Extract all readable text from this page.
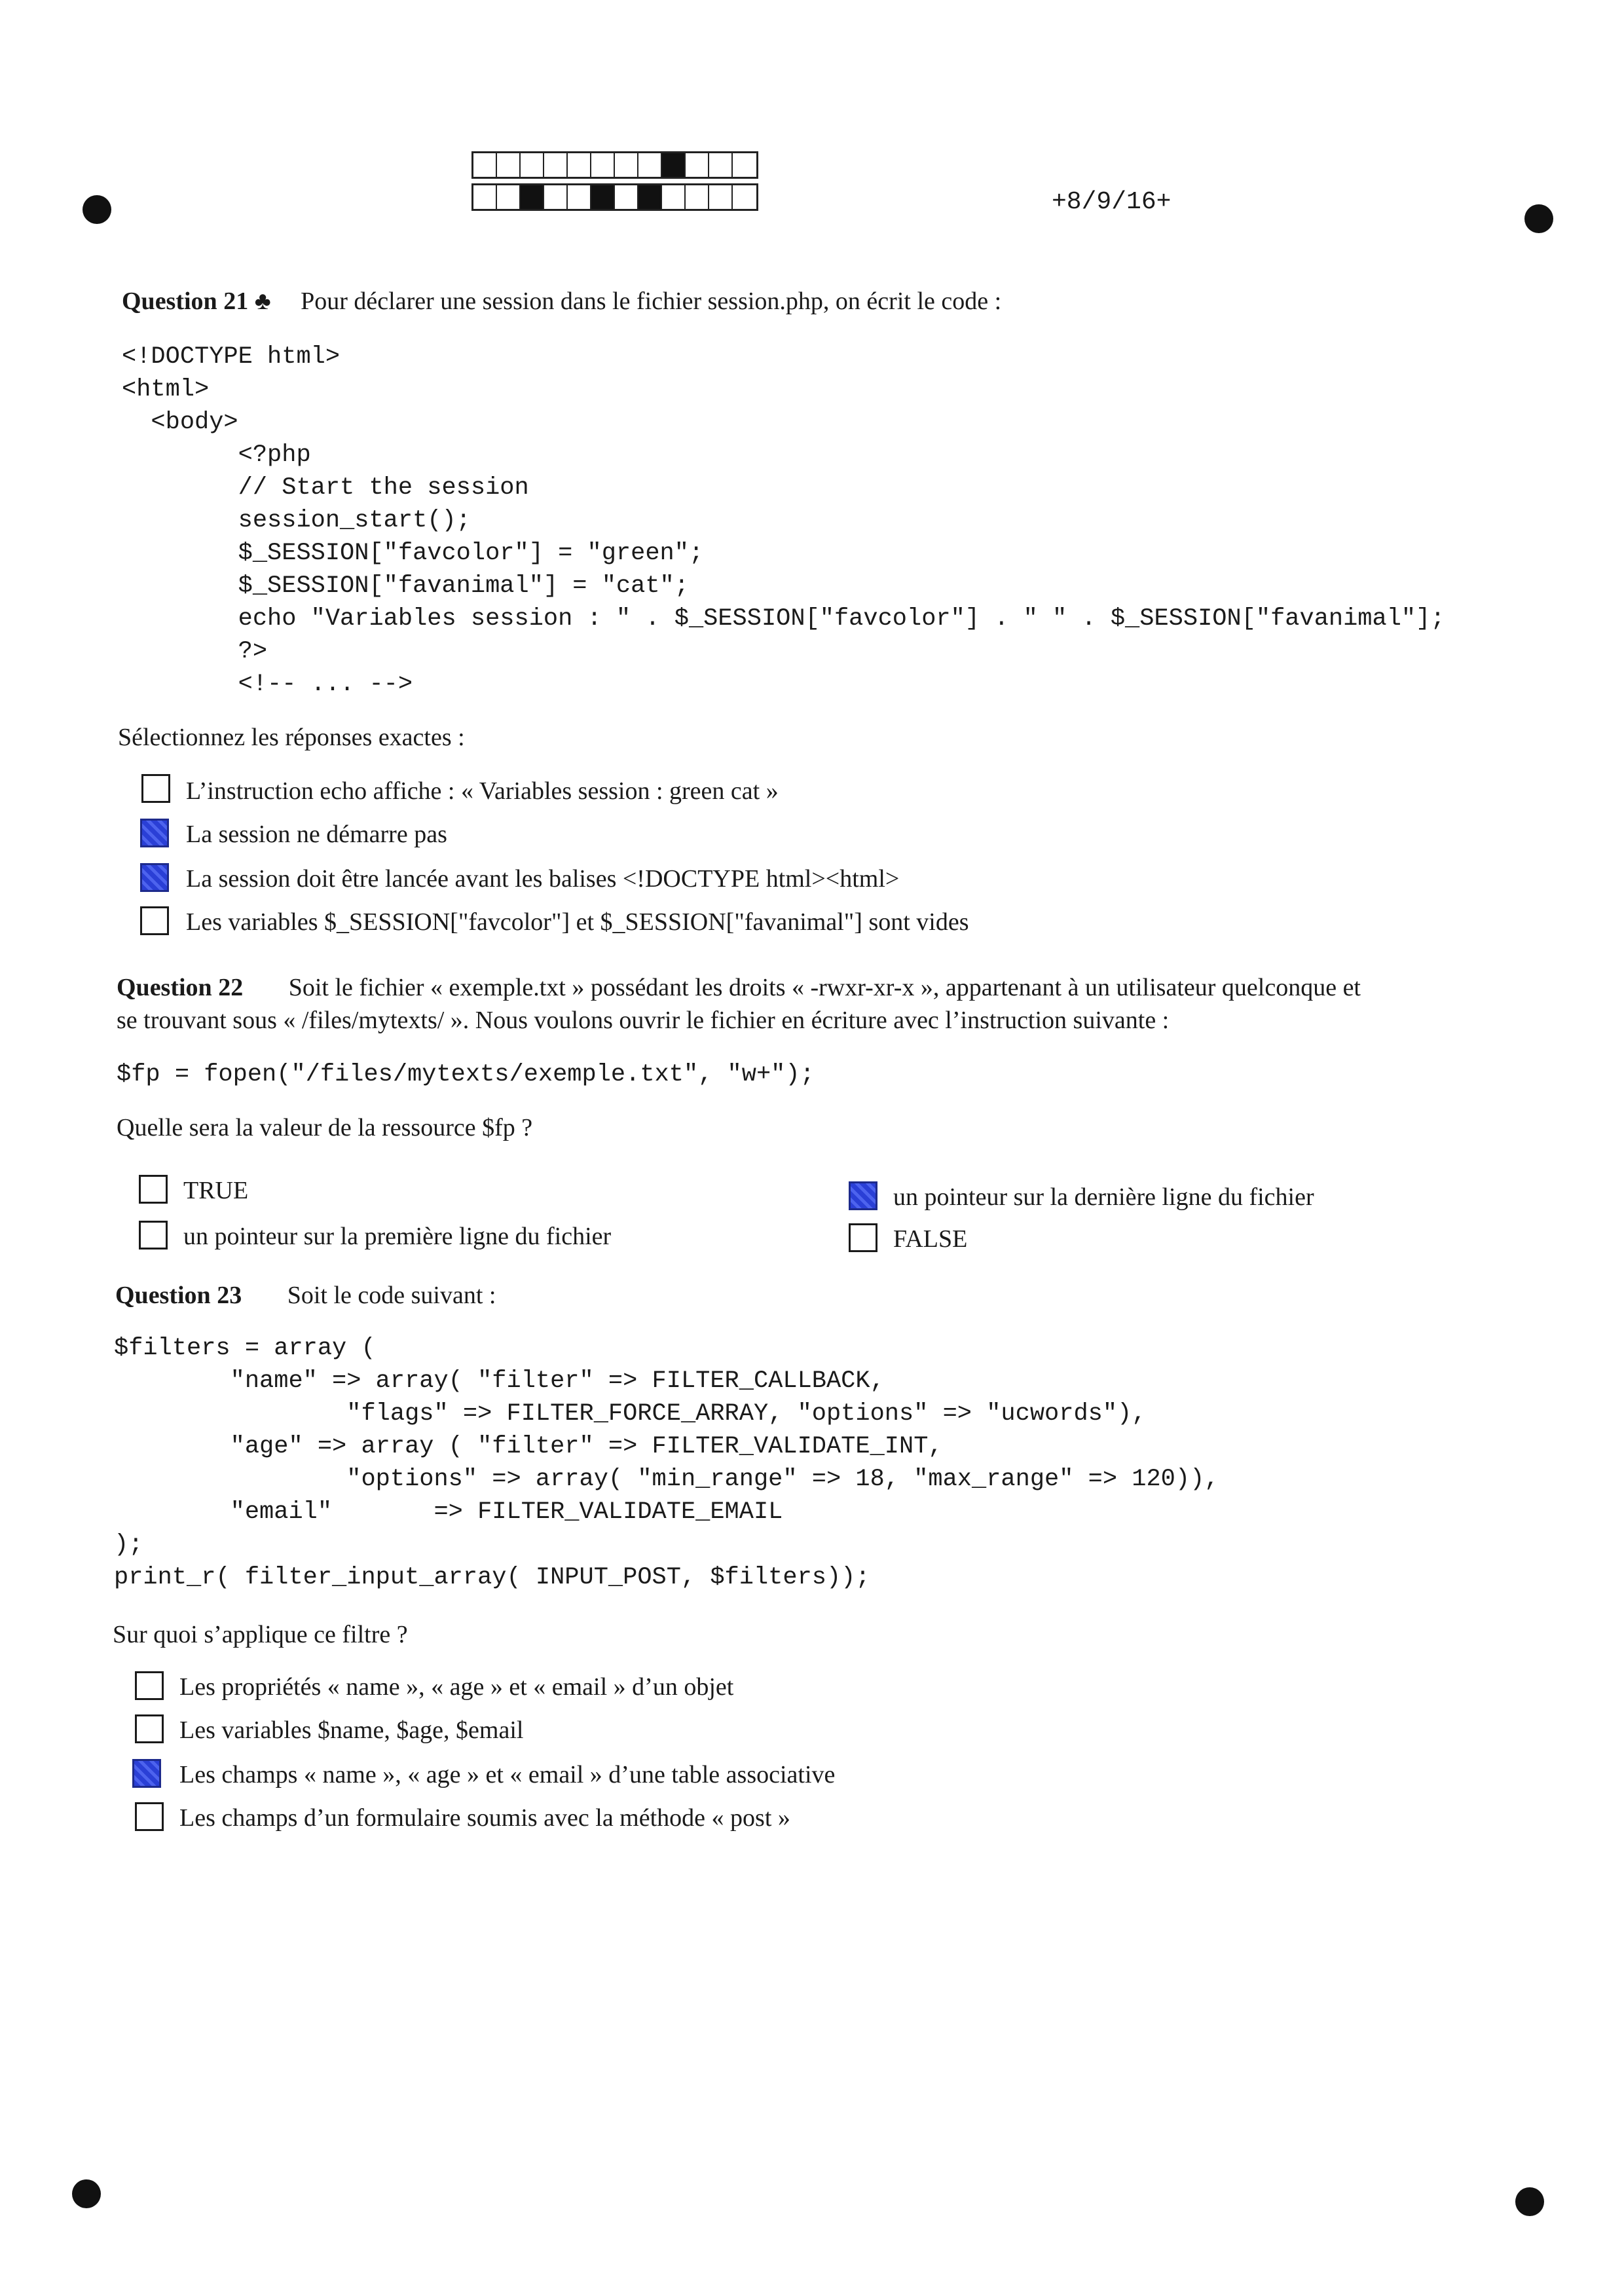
+8/9/16+
Question 21 ♣ Pour déclarer une session dans le fichier session.php, on écrit le code :
<!DOCTYPE html>
<html>
<body>
<?php
// Start the session
session_start();
$_SESSION["favcolor"] = "green";
$_SESSION["favanimal"] = "cat";
echo "Variables session : " . $_SESSION["favcolor"] . " " . $_SESSION["favanimal"];
?>
<!-- ... -->
Sélectionnez les réponses exactes :
L’instruction echo affiche : « Variables session : green cat »
La session ne démarre pas
La session doit être lancée avant les balises <!DOCTYPE html><html>
Les variables $_SESSION["favcolor"] et $_SESSION["favanimal"] sont vides
Question 22 Soit le fichier « exemple.txt » possédant les droits « -rwxr-xr-x », appartenant à un utilisateur quelconque et
se trouvant sous « /files/mytexts/ ». Nous voulons ouvrir le fichier en écriture avec l’instruction suivante :
$fp = fopen("/files/mytexts/exemple.txt", "w+");
Quelle sera la valeur de la ressource $fp ?
TRUE
un pointeur sur la première ligne du fichier
un pointeur sur la dernière ligne du fichier
FALSE
Question 23 Soit le code suivant :
$filters = array (
"name" => array( "filter" => FILTER_CALLBACK,
"flags" => FILTER_FORCE_ARRAY, "options" => "ucwords"),
"age" => array ( "filter" => FILTER_VALIDATE_INT,
"options" => array( "min_range" => 18, "max_range" => 120)),
"email"       => FILTER_VALIDATE_EMAIL
);
print_r( filter_input_array( INPUT_POST, $filters));
Sur quoi s’applique ce filtre ?
Les propriétés « name », « age » et « email » d’un objet
Les variables $name, $age, $email
Les champs « name », « age » et « email » d’une table associative
Les champs d’un formulaire soumis avec la méthode « post »
